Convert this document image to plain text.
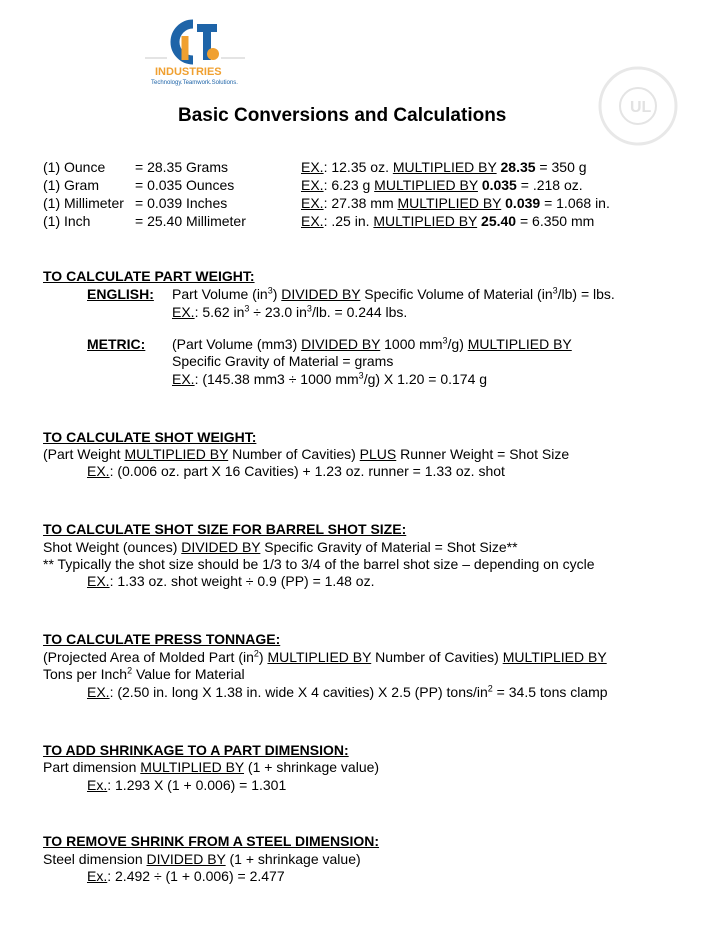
INDUSTRIES
Technology.Teamwork.Solutions.
UL
Basic Conversions and Calculations
(1) Ounce = 28.35 Grams	EX.: 12.35 oz. MULTIPLIED BY 28.35 = 350 g
(1) Gram	= 0.035 Ounces	EX.: 6.23 g MULTIPLIED BY 0.035 = .218 oz.
(1) Millimeter = 0.039 Inches	EX.: 27.38 mm MULTIPLIED BY 0.039 = 1.068 in.
(1) Inch	= 25.40 Millimeter	EX.: .25 in. MULTIPLIED BY 25.40 = 6.350 mm
TO CALCULATE PART WEIGHT:
ENGLISH: Part Volume $(in^3)$ DIVIDED BY Specific Volume of Material $(in^3/lb)$ = lbs.
EX.: 5.62 $in^3 \div 23.0$ $in^3/lb$. = 0.244 lbs.
METRIC: (Part Volume (mm3) DIVIDED BY 1000 $mm^3/g$) MULTIPLIED BY
Specific Gravity of Material = grams
EX.: (145.38 mm3 ÷ 1000 $mm^3/g$) X 1.20 = 0.174 g
TO CALCULATE SHOT WEIGHT:
(Part Weight MULTIPLIED BY Number of Cavities) PLUS Runner Weight = Shot Size
EX.: (0.006 oz. part X 16 Cavities) + 1.23 oz. runner = 1.33 oz. shot
TO CALCULATE SHOT SIZE FOR BARREL SHOT SIZE:
Shot Weight (ounces) DIVIDED BY Specific Gravity of Material = Shot Size**
** Typically the shot size should be 1/3 to 3/4 of the barrel shot size – depending on cycle
EX.: 1.33 oz. shot weight ÷ 0.9 (PP) = 1.48 oz.
TO CALCULATE PRESS TONNAGE:
(Projected Area of Molded Part $(in^2)$ MULTIPLIED BY Number of Cavities) MULTIPLIED BY
Tons per Inch$^2$ Value for Material
EX.: (2.50 in. long X 1.38 in. wide X 4 cavities) X 2.5 (PP) tons/$in^2 = 34.5$ tons clamp
TO ADD SHRINKAGE TO A PART DIMENSION:
Part dimension MULTIPLIED BY (1 + shrinkage value)
Ex.: 1.293 X (1 + 0.006) = 1.301
TO REMOVE SHRINK FROM A STEEL DIMENSION:
Steel dimension DIVIDED BY (1 + shrinkage value)
Ex.: 2.492 ÷ (1 + 0.006) = 2.477
